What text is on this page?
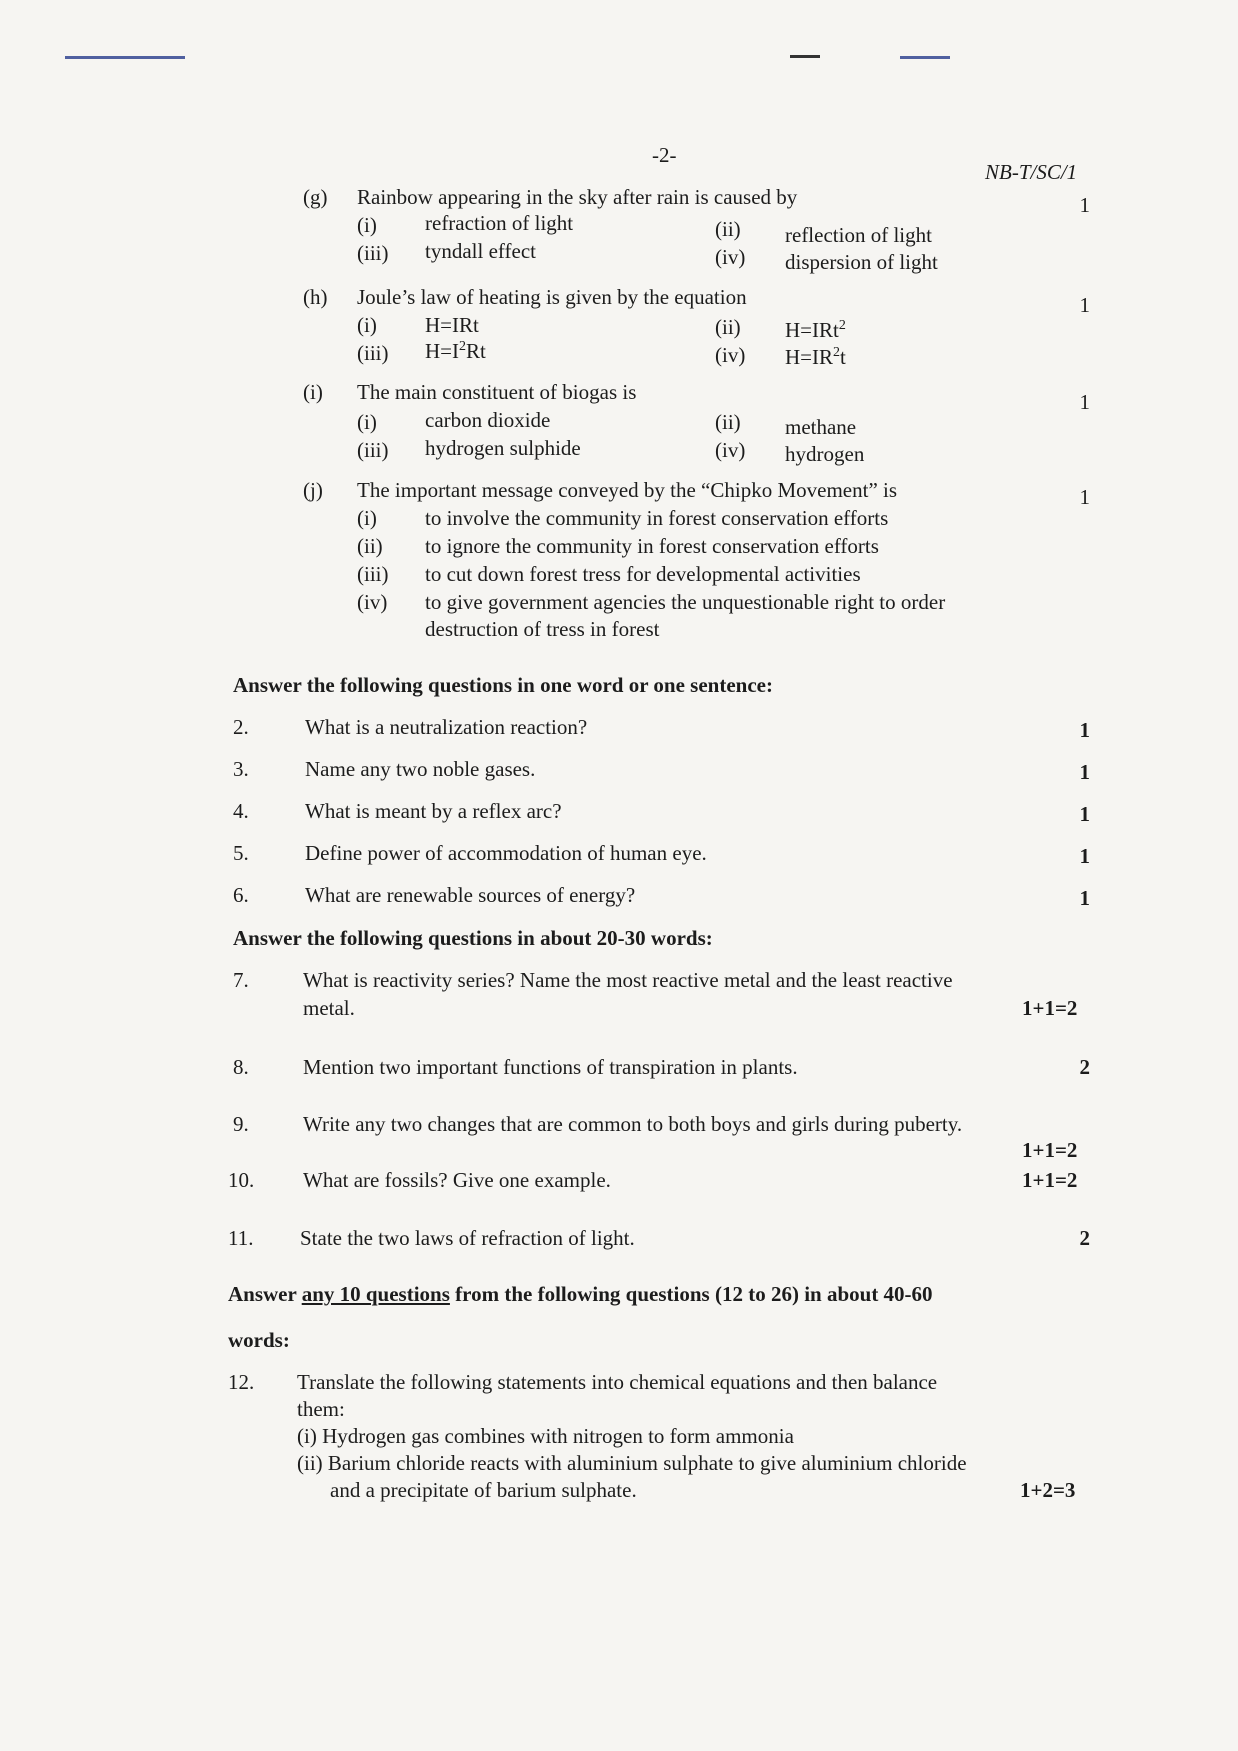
-2-
NB-T/SC/1
(g) Rainbow appearing in the sky after rain is caused by	1
(i) refraction of light	(ii) reflection of light
(iii) tyndall effect	(iv) dispersion of light
(h) Joule’s law of heating is given by the equation	1
(i) H=IRt	(ii) H=IRt$^2$
(iii) $H=I^2Rt$	(iv) $H=IR^2t$
(i) The main constituent of biogas is	1
(i) carbon dioxide	(ii) methane
(iii) hydrogen sulphide	(iv) hydrogen
(j) The important message conveyed by the “Chipko Movement” is	1
(i) to involve the community in forest conservation efforts
(ii) to ignore the community in forest conservation efforts
(iii) to cut down forest tress for developmental activities
(iv) to give government agencies the unquestionable right to order
destruction of tress in forest
Answer the following questions in one word or one sentence:
2.	What is a neutralization reaction?	1
3.	Name any two noble gases.	1
4.	What is meant by a reflex arc?	1
5.	Define power of accommodation of human eye.	1
6.	What are renewable sources of energy?	1
Answer the following questions in about 20-30 words:
7.	What is reactivity series? Name the most reactive metal and the least reactive
metal.	1+1=2
8.	Mention two important functions of transpiration in plants.	2
9.	Write any two changes that are common to both boys and girls during puberty.
1+1=2
10. What are fossils? Give one example.	1+1=2
11. State the two laws of refraction of light.	2
Answer any 10 questions from the following questions (12 to 26) in about 40-60
words:
12. Translate the following statements into chemical equations and then balance
them:
(i) Hydrogen gas combines with nitrogen to form ammonia
(ii) Barium chloride reacts with aluminium sulphate to give aluminium chloride
and a precipitate of barium sulphate.	1+2=3
